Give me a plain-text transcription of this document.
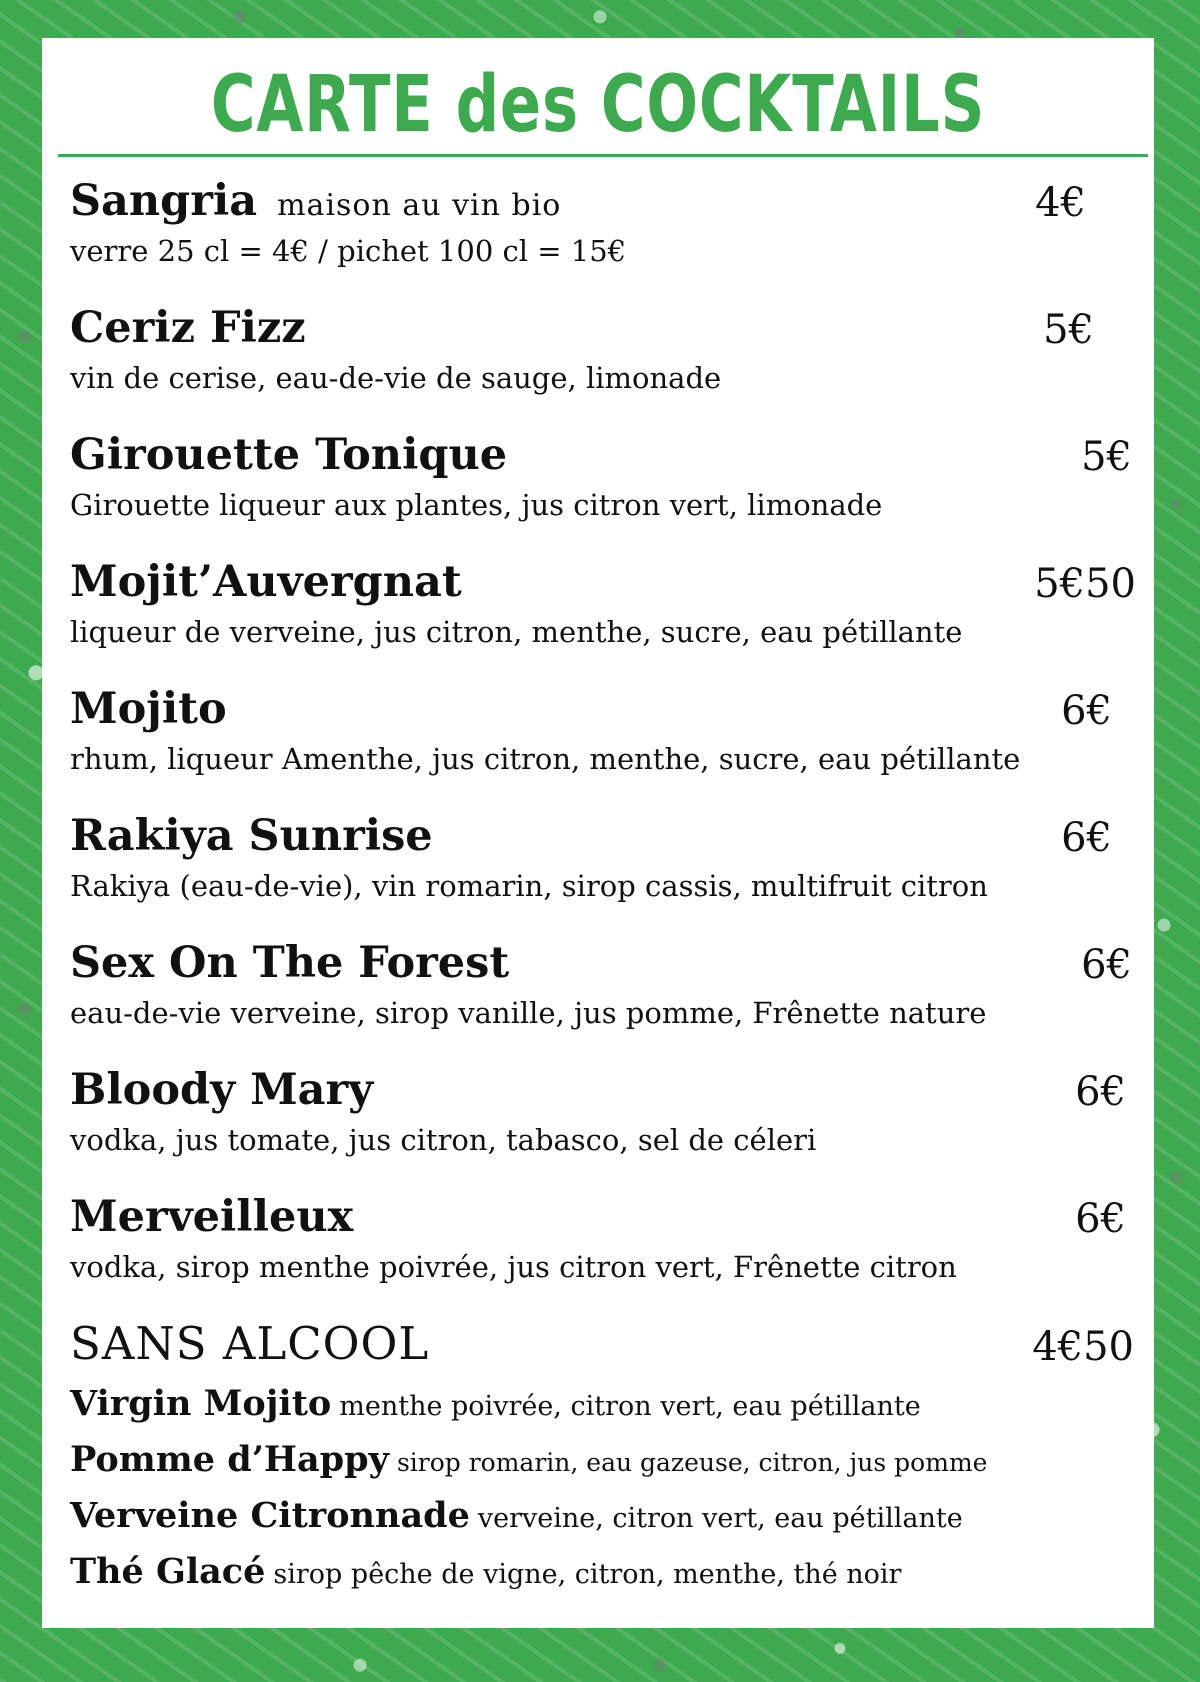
CARTE des COCKTAILS
Sangria maison au vin bio	4€
verre 25 cl = 4€ / pichet 100 cl = 15€
Ceriz Fizz	5€
vin de cerise, eau-de-vie de sauge, limonade
Girouette Tonique	5€
Girouette liqueur aux plantes, jus citron vert, limonade
Mojit’Auvergnat	5€50
liqueur de verveine, jus citron, menthe, sucre, eau pétillante
Mojito	6€
rhum, liqueur Amenthe, jus citron, menthe, sucre, eau pétillante
Rakiya Sunrise	6€
Rakiya (eau-de-vie), vin romarin, sirop cassis, multifruit citron
Sex On The Forest	6€
eau-de-vie verveine, sirop vanille, jus pomme, Frênette nature
Bloody Mary	6€
vodka, jus tomate, jus citron, tabasco, sel de céleri
Merveilleux	6€
vodka, sirop menthe poivrée, jus citron vert, Frênette citron
SANS ALCOOL	4€50
Virgin Mojito menthe poivrée, citron vert, eau pétillante
Pomme d’Happy sirop romarin, eau gazeuse, citron, jus pomme
Verveine Citronnade verveine, citron vert, eau pétillante
Thé Glacé sirop pêche de vigne, citron, menthe, thé noir
